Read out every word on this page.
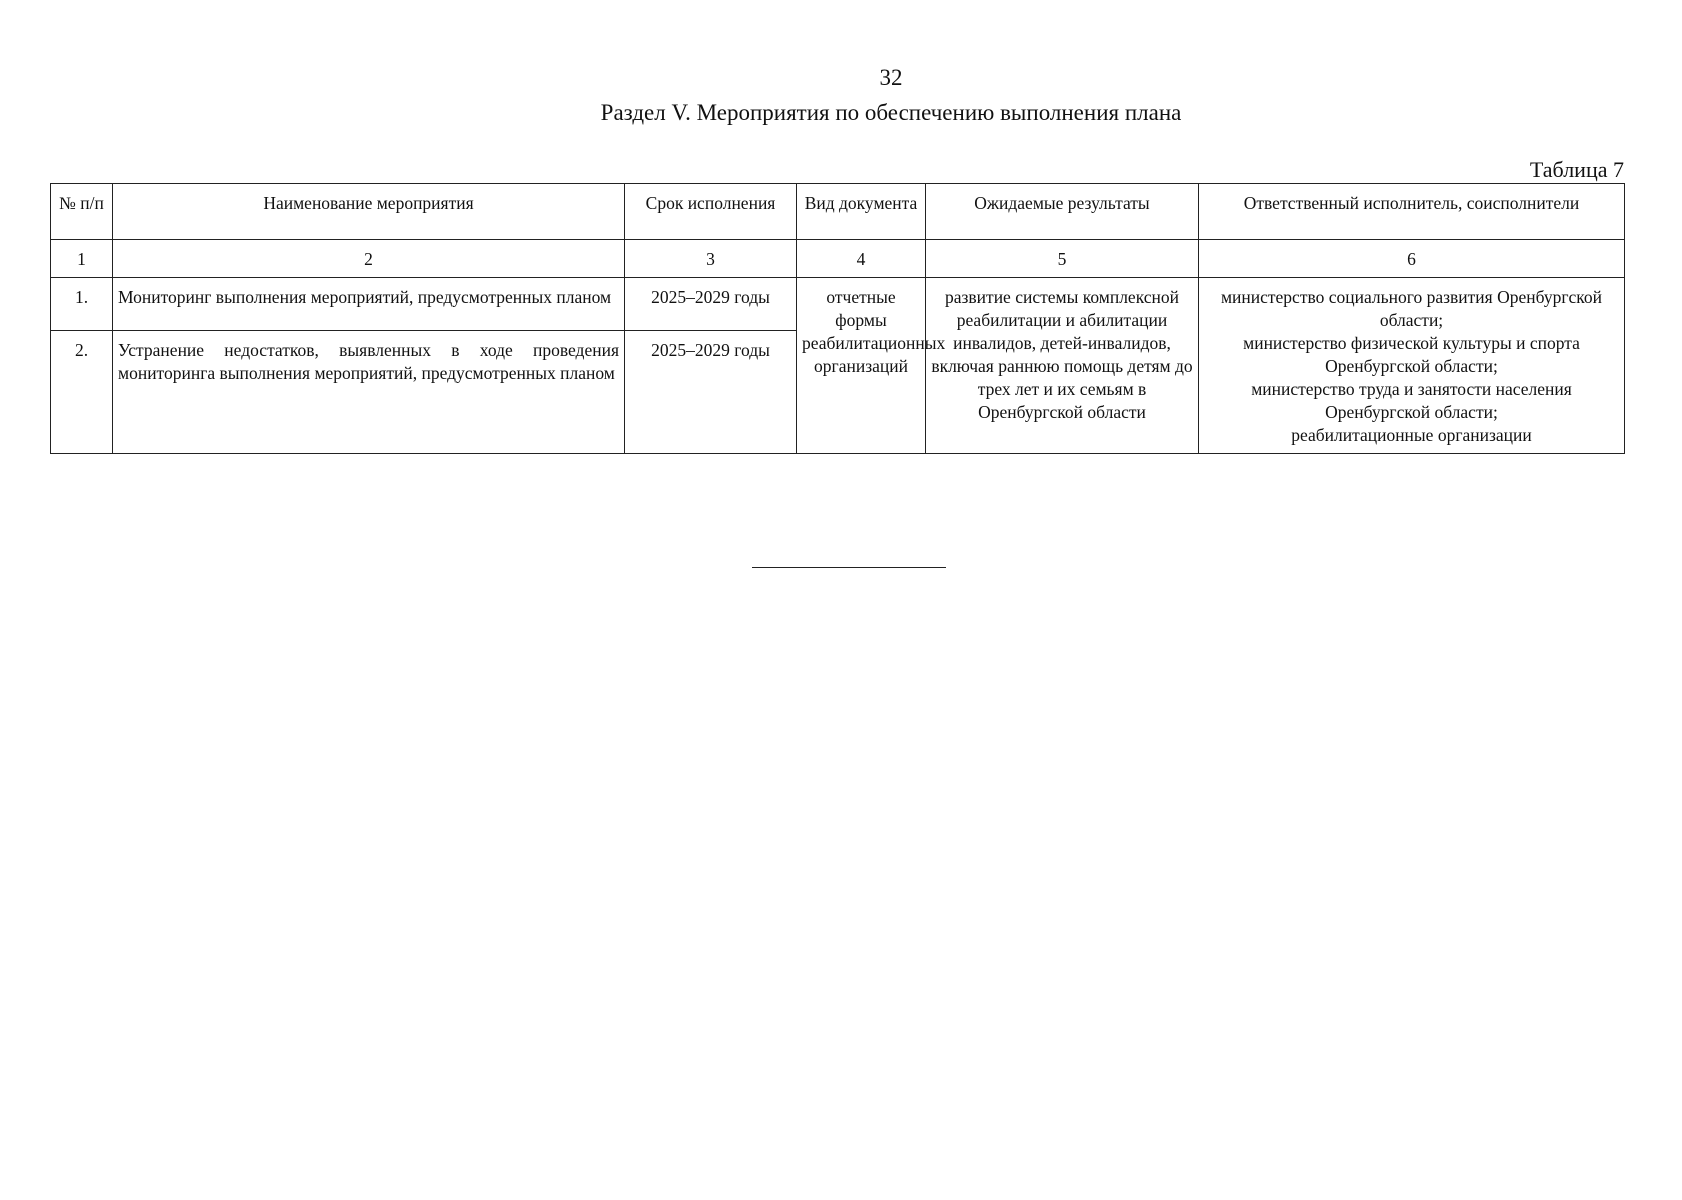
32
Раздел V. Мероприятия по обеспечению выполнения плана
Таблица 7
№ п/п	Наименование мероприятия	Срок исполнения	Вид документа	Ожидаемые результаты	Ответственный исполнитель, соисполнители
1	2	3	4	5	6
1.	Мониторинг выполнения мероприятий, предусмотренных планом	2025–2029 годы	отчетные формы реабилитационных организаций	развитие системы комплексной реабилитации и абилитации инвалидов, детей-инвалидов, включая раннюю помощь детям до трех лет и их семьям в Оренбургской области	министерство социального развития Оренбургской области;
министерство физической культуры и спорта Оренбургской области;
министерство труда и занятости населения Оренбургской области;
реабилитационные организации

2.	Устранение недостатков, выявленных в ходе проведения мониторинга выполнения мероприятий, предусмотренных планом	2025–2029 годы			
